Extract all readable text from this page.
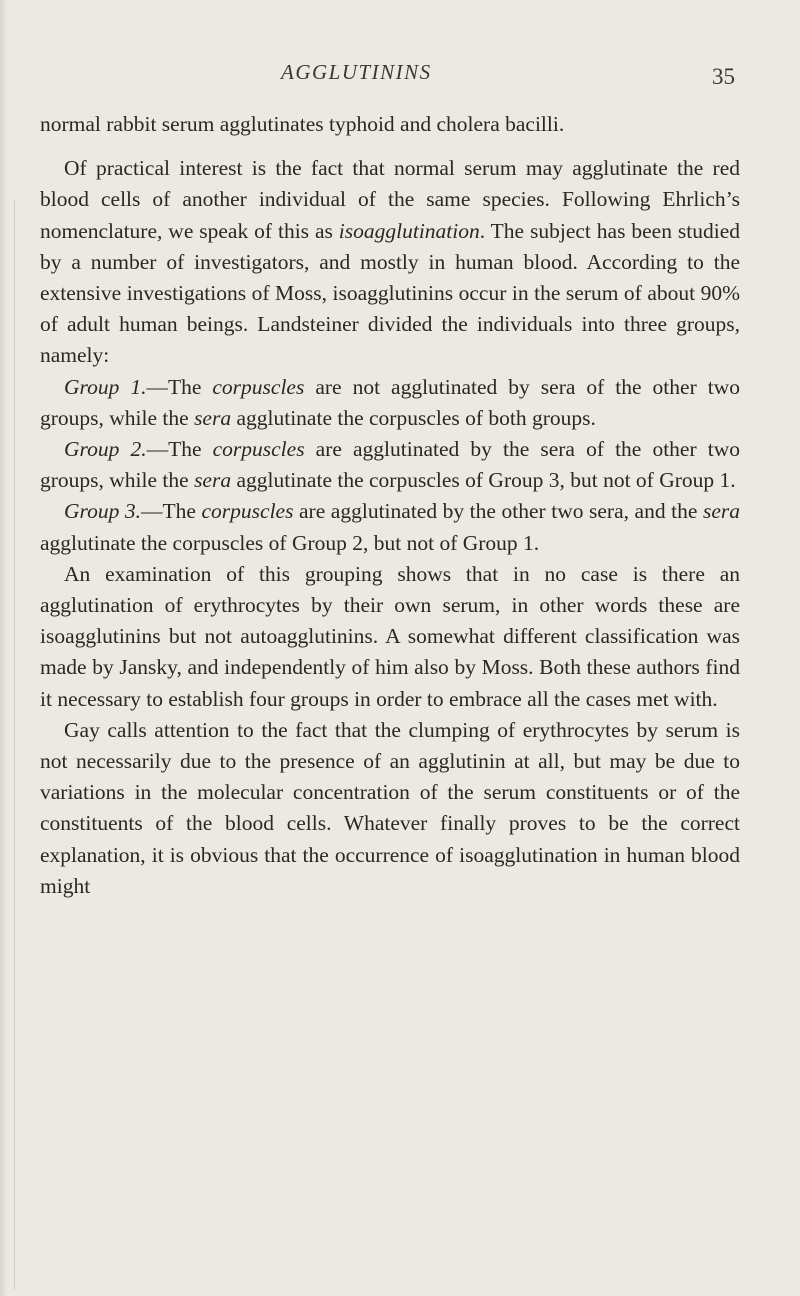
AGGLUTININS	35

normal rabbit serum agglutinates typhoid and cholera bacilli.

Of practical interest is the fact that normal serum may agglutinate the red blood cells of another individual of the same species. Following Ehrlich’s nomenclature, we speak of this as isoagglutination. The subject has been studied by a number of investigators, and mostly in human blood. According to the extensive investigations of Moss, isoagglutinins occur in the serum of about 90% of adult human beings. Landsteiner divided the individuals into three groups, namely:

Group 1.—The corpuscles are not agglutinated by sera of the other two groups, while the sera agglutinate the corpuscles of both groups.

Group 2.—The corpuscles are agglutinated by the sera of the other two groups, while the sera agglutinate the corpuscles of Group 3, but not of Group 1.

Group 3.—The corpuscles are agglutinated by the other two sera, and the sera agglutinate the corpuscles of Group 2, but not of Group 1.

An examination of this grouping shows that in no case is there an agglutination of erythrocytes by their own serum, in other words these are isoagglutinins but not autoagglutinins. A somewhat different classification was made by Jansky, and independently of him also by Moss. Both these authors find it necessary to establish four groups in order to embrace all the cases met with.

Gay calls attention to the fact that the clumping of erythrocytes by serum is not necessarily due to the presence of an agglutinin at all, but may be due to variations in the molecular concentration of the serum constituents or of the constituents of the blood cells. Whatever finally proves to be the correct explanation, it is obvious that the occurrence of isoagglutination in human blood might
